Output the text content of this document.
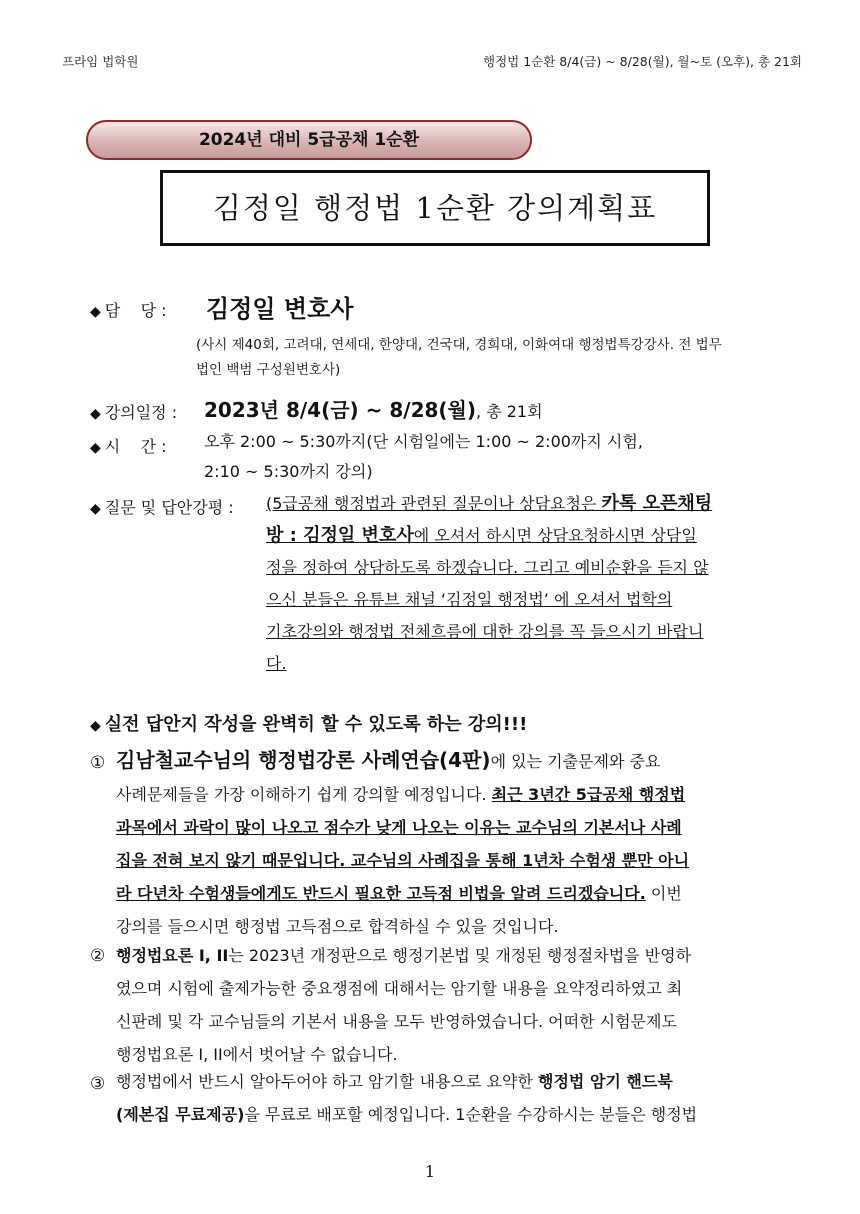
프라임 법학원	행정법 1순환 8/4(금) ~ 8/28(월), 월~토 (오후), 총 21회
2024년 대비 5급공채 1순환
김정일 행정법 1순환 강의계획표
◆ 담    당 : 김정일 변호사
(사시 제40회, 고려대, 연세대, 한양대, 건국대, 경희대, 이화여대 행정법특강강사. 전 법무
법인 백범 구성원변호사)
◆ 강의일정 : 2023년 8/4(금) ~ 8/28(월), 총 21회
◆ 시    간 : 오후 2:00 ~ 5:30까지(단 시험일에는 1:00 ~ 2:00까지 시험,
2:10 ~ 5:30까지 강의)
◆ 질문 및 답안강평 : (5급공채 행정법과 관련된 질문이나 상담요청은 카톡 오픈채팅
방 : 김정일 변호사에 오셔서 하시면 상담요청하시면 상담일
정을 정하여 상담하도록 하겠습니다. 그리고 예비순환을 듣지 않
으신 분들은 유튜브 채널 ‘김정일 행정법’ 에 오셔서 법학의
기초강의와 행정법 전체흐름에 대한 강의를 꼭 들으시기 바랍니
다.
◆ 실전 답안지 작성을 완벽히 할 수 있도록 하는 강의!!!
① 김남철교수님의 행정법강론 사례연습(4판)에 있는 기출문제와 중요
사례문제들을 가장 이해하기 쉽게 강의할 예정입니다. 최근 3년간 5급공채 행정법
과목에서 과락이 많이 나오고 점수가 낮게 나오는 이유는 교수님의 기본서나 사례
집을 전혀 보지 않기 때문입니다. 교수님의 사례집을 통해 1년차 수험생 뿐만 아니
라 다년차 수험생들에게도 반드시 필요한 고득점 비법을 알려 드리겠습니다. 이번
강의를 들으시면 행정법 고득점으로 합격하실 수 있을 것입니다.
② 행정법요론 I, II는 2023년 개정판으로 행정기본법 및 개정된 행정절차법을 반영하
였으며 시험에 출제가능한 중요쟁점에 대해서는 암기할 내용을 요약정리하였고 최
신판례 및 각 교수님들의 기본서 내용을 모두 반영하였습니다. 어떠한 시험문제도
행정법요론 I, II에서 벗어날 수 없습니다.
③ 행정법에서 반드시 알아두어야 하고 암기할 내용으로 요약한 행정법 암기 핸드북
(제본집 무료제공)을 무료로 배포할 예정입니다. 1순환을 수강하시는 분들은 행정법
1
